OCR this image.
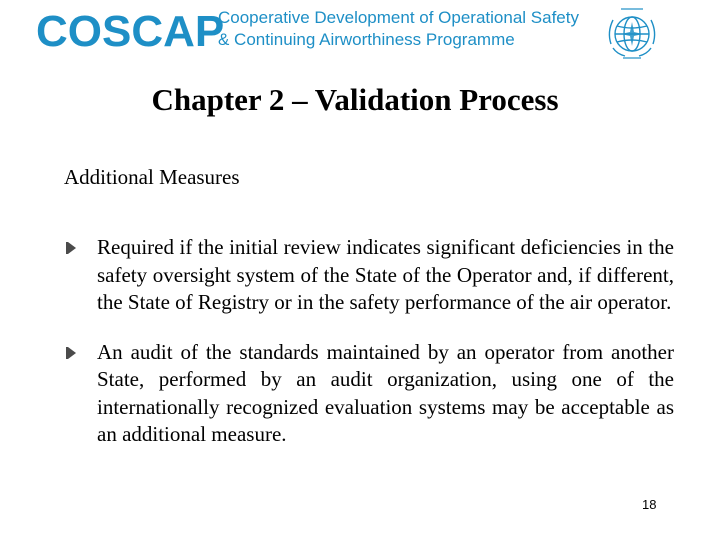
COSCAP
Cooperative Development of Operational Safety
& Continuing Airworthiness Programme
Chapter 2 – Validation Process
Additional Measures
Required if the initial review indicates significant deficiencies in the safety oversight system of the State of the Operator and, if different, the State of Registry or in the safety performance of the air operator.
An audit of the standards maintained by an operator from another State, performed by an audit organization, using one of the internationally recognized evaluation systems may be acceptable as an additional measure.
18
